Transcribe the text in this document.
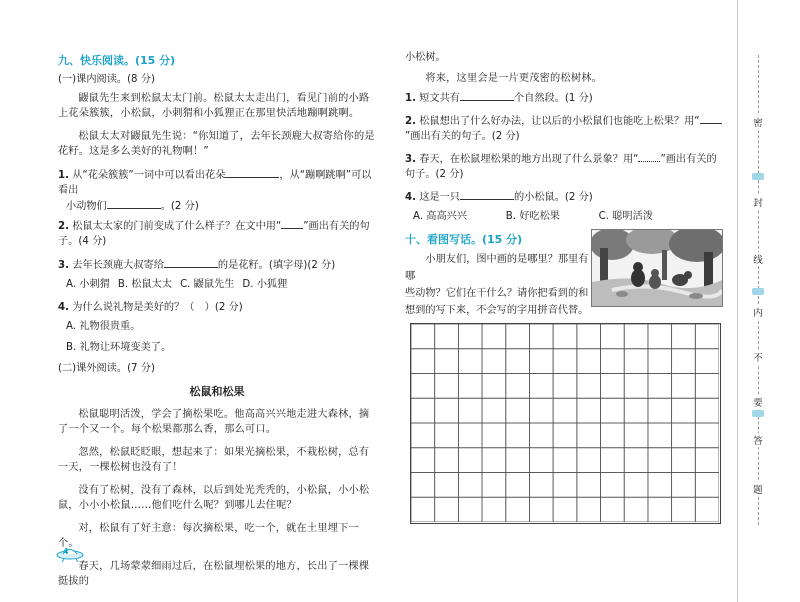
九、快乐阅读。(15 分)
(一)课内阅读。(8 分)
鼹鼠先生来到松鼠太太门前。松鼠太太走出门，看见门前的小路上花朵簇簇，小松鼠，小刺猬和小狐狸正在那里快活地蹦啊跳啊。
松鼠太太对鼹鼠先生说：“你知道了，去年长颈鹿大叔寄给你的是花籽。这是多么美好的礼物啊！”
1. 从“花朵簇簇”一词中可以看出花朵	，从“蹦啊跳啊”可以看出
小动物们	。(2 分)
2. 松鼠太太家的门前变成了什么样子？在文中用“ ”画出有关的句子。(4 分)
3. 去年长颈鹿大叔寄给	的是花籽。(填字母)(2 分)
A. 小刺猬 B. 松鼠太太 C. 鼹鼠先生 D. 小狐狸
4. 为什么说礼物是美好的？（　）(2 分)
A. 礼物很贵重。
B. 礼物让环境变美了。
(二)课外阅读。(7 分)
松鼠和松果
松鼠聪明活泼，学会了摘松果吃。他高高兴兴地走进大森林，摘了一个又一个。每个松果都那么香，那么可口。
忽然，松鼠眨眨眼，想起来了：如果光摘松果，不栽松树，总有一天，一棵松树也没有了！
没有了松树，没有了森林，以后到处光秃秃的，小松鼠，小小松鼠，小小小松鼠……他们吃什么呢？到哪儿去住呢？
对，松鼠有了好主意：每次摘松果，吃一个，就在土里埋下一个。
春天，几场蒙蒙细雨过后，在松鼠埋松果的地方，长出了一棵棵挺拔的
小松树。
将来，这里会是一片更茂密的松树林。
1. 短文共有	个自然段。(1 分)
2. 松鼠想出了什么好办法，让以后的小松鼠们也能吃上松果？用“”画出有关的句子。(2 分)
3. 春天，在松鼠埋松果的地方出现了什么景象？用“ ”画出有关的句子。(2 分)
4. 这是一只	的小松鼠。(2 分)
A. 高高兴兴	B. 好吃松果	C. 聪明活泼
十、看图写话。(15 分)
小朋友们，图中画的是哪里？那里有哪
些动物？它们在干什么？请你把看到的和
想到的写下来，不会写的字用拼音代替。
密
封
线
内
不
要
答
题
4
